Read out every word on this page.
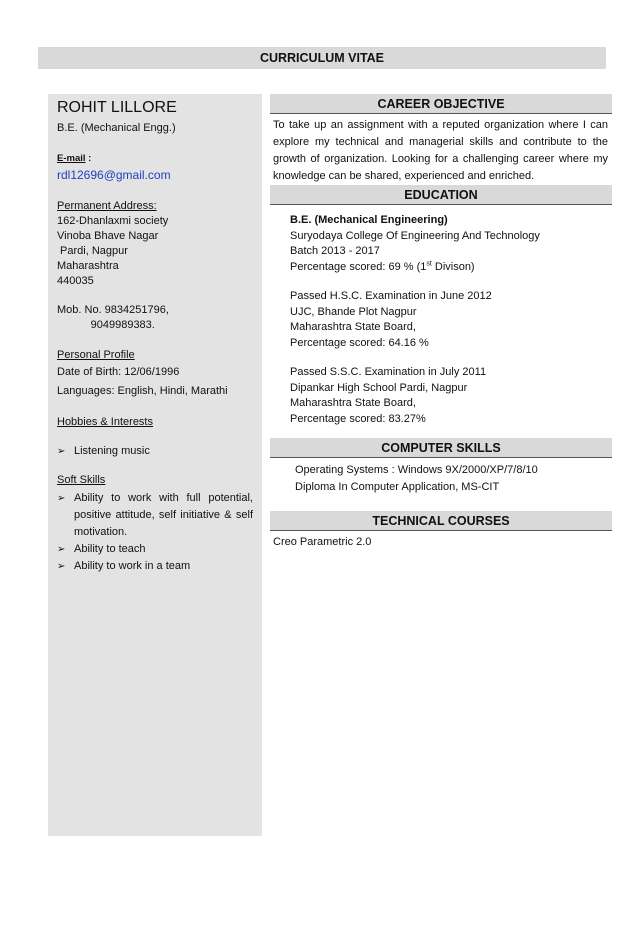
CURRICULUM VITAE
ROHIT LILLORE
B.E. (Mechanical Engg.)
E-mail :
rdl12696@gmail.com
Permanent Address:
162-Dhanlaxmi society
Vinoba Bhave Nagar
Pardi, Nagpur
Maharashtra
440035
Mob. No. 9834251796,
9049989383.
Personal Profile
Date of Birth: 12/06/1996
Languages: English, Hindi, Marathi
Hobbies & Interests
➢ Listening music
Soft Skills
➢ Ability to work with full potential, positive attitude, self initiative & self motivation.
➢ Ability to teach
➢ Ability to work in a team
CAREER OBJECTIVE
To take up an assignment with a reputed organization where I can explore my technical and managerial skills and contribute to the growth of organization. Looking for a challenging career where my knowledge can be shared, experienced and enriched.
EDUCATION
B.E. (Mechanical Engineering)
Suryodaya College Of Engineering And Technology
Batch 2013 - 2017
Percentage scored: 69 % (1st Divison)
Passed H.S.C. Examination in June 2012
UJC, Bhande Plot Nagpur
Maharashtra State Board,
Percentage scored: 64.16 %
Passed S.S.C. Examination in July 2011
Dipankar High School Pardi, Nagpur
Maharashtra State Board,
Percentage scored: 83.27%
COMPUTER SKILLS
Operating Systems : Windows 9X/2000/XP/7/8/10
Diploma In Computer Application, MS-CIT
TECHNICAL COURSES
Creo Parametric 2.0
